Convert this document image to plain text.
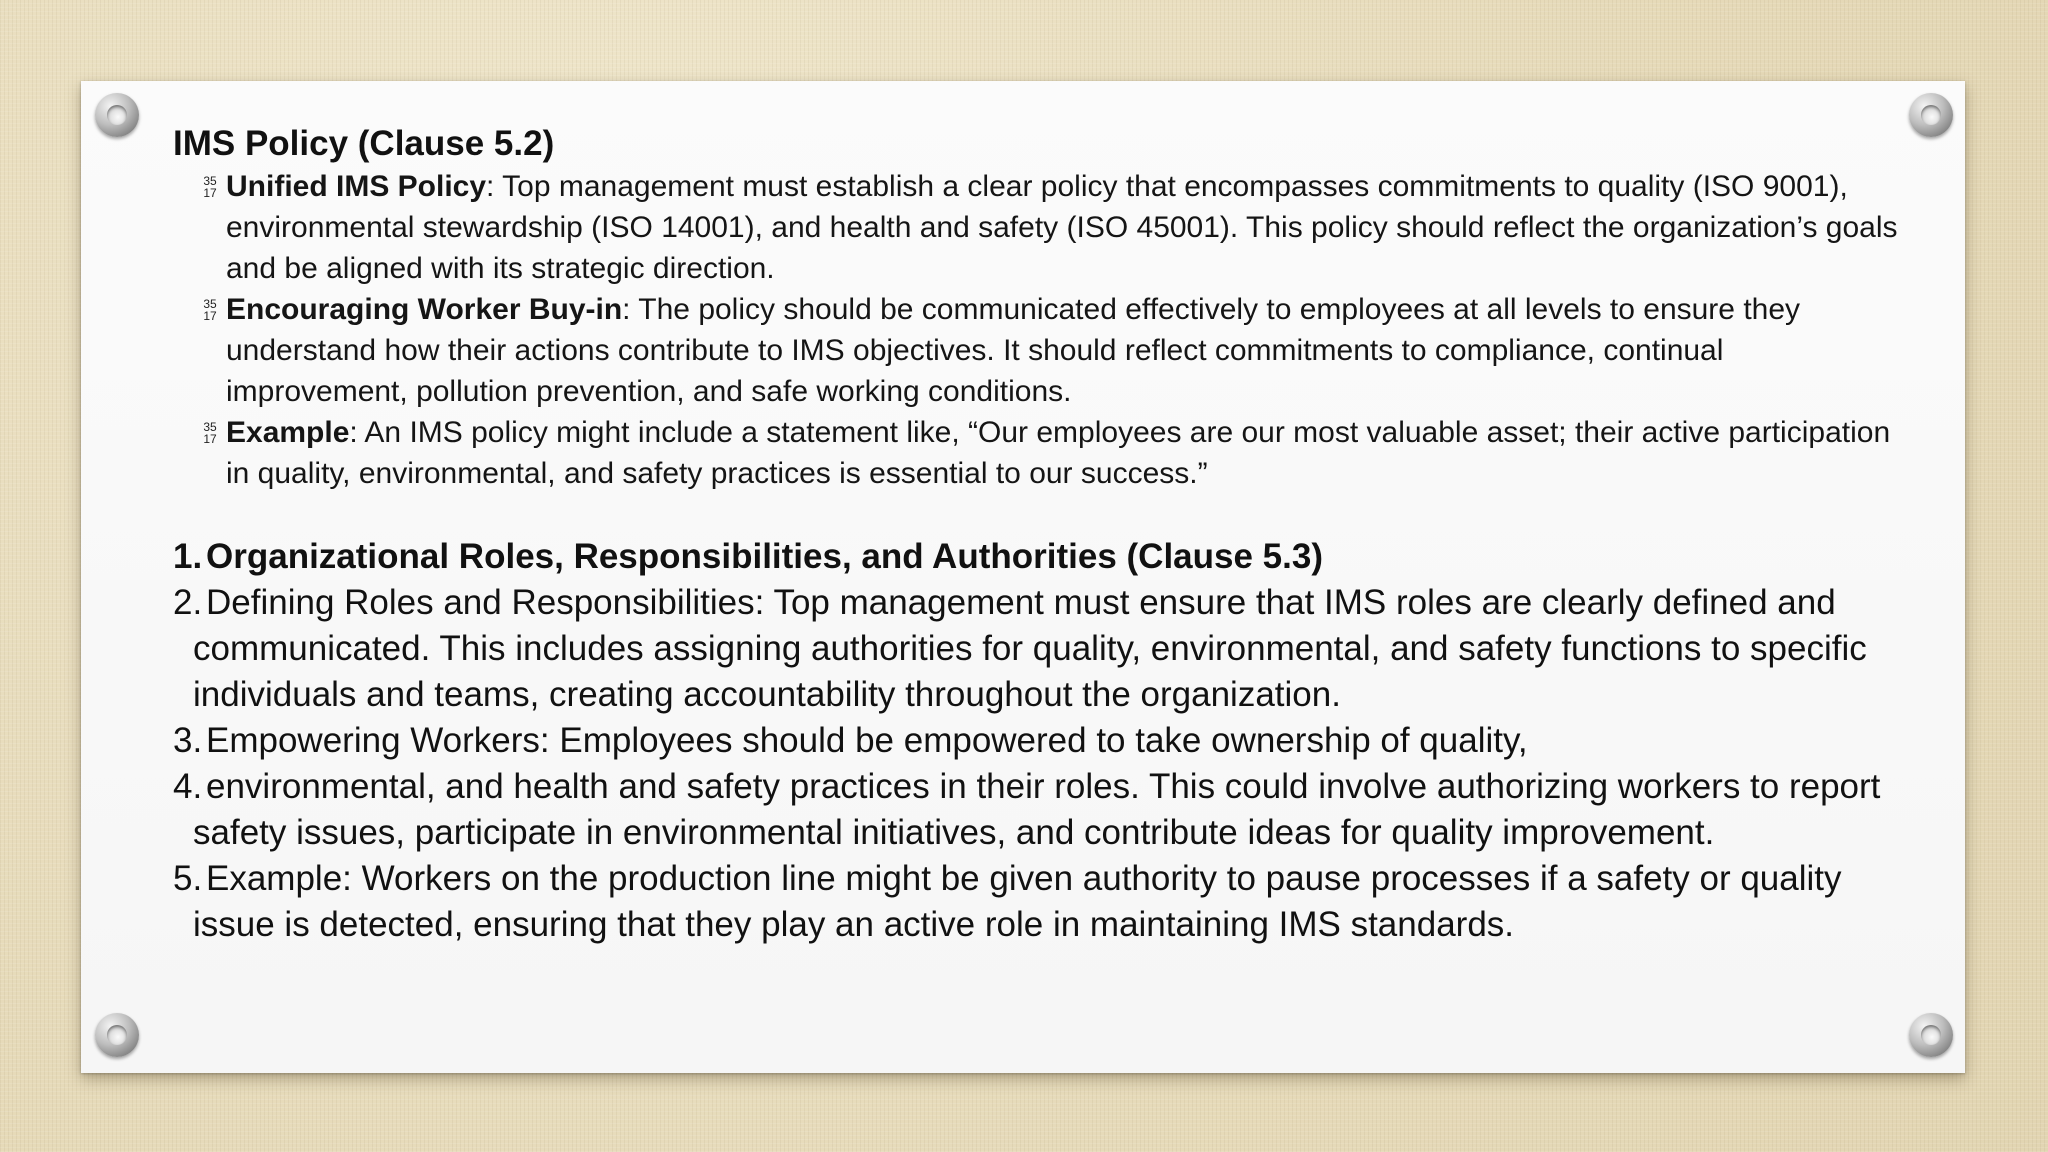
IMS Policy (Clause 5.2)

35
17 Unified IMS Policy: Top management must establish a clear policy that encompasses commitments to quality (ISO 9001), environmental stewardship (ISO 14001), and health and safety (ISO 45001). This policy should reflect the organization’s goals and be aligned with its strategic direction.
35
17 Encouraging Worker Buy-in: The policy should be communicated effectively to employees at all levels to ensure they understand how their actions contribute to IMS objectives. It should reflect commitments to compliance, continual improvement, pollution prevention, and safe working conditions.
35
17 Example: An IMS policy might include a statement like, “Our employees are our most valuable asset; their active participation in quality, environmental, and safety practices is essential to our success.”
1. Organizational Roles, Responsibilities, and Authorities (Clause 5.3)
2. Defining Roles and Responsibilities: Top management must ensure that IMS roles are clearly defined and communicated. This includes assigning authorities for quality, environmental, and safety functions to specific individuals and teams, creating accountability throughout the organization.
3. Empowering Workers: Employees should be empowered to take ownership of quality,
4. environmental, and health and safety practices in their roles. This could involve authorizing workers to report safety issues, participate in environmental initiatives, and contribute ideas for quality improvement.
5. Example: Workers on the production line might be given authority to pause processes if a safety or quality issue is detected, ensuring that they play an active role in maintaining IMS standards.
